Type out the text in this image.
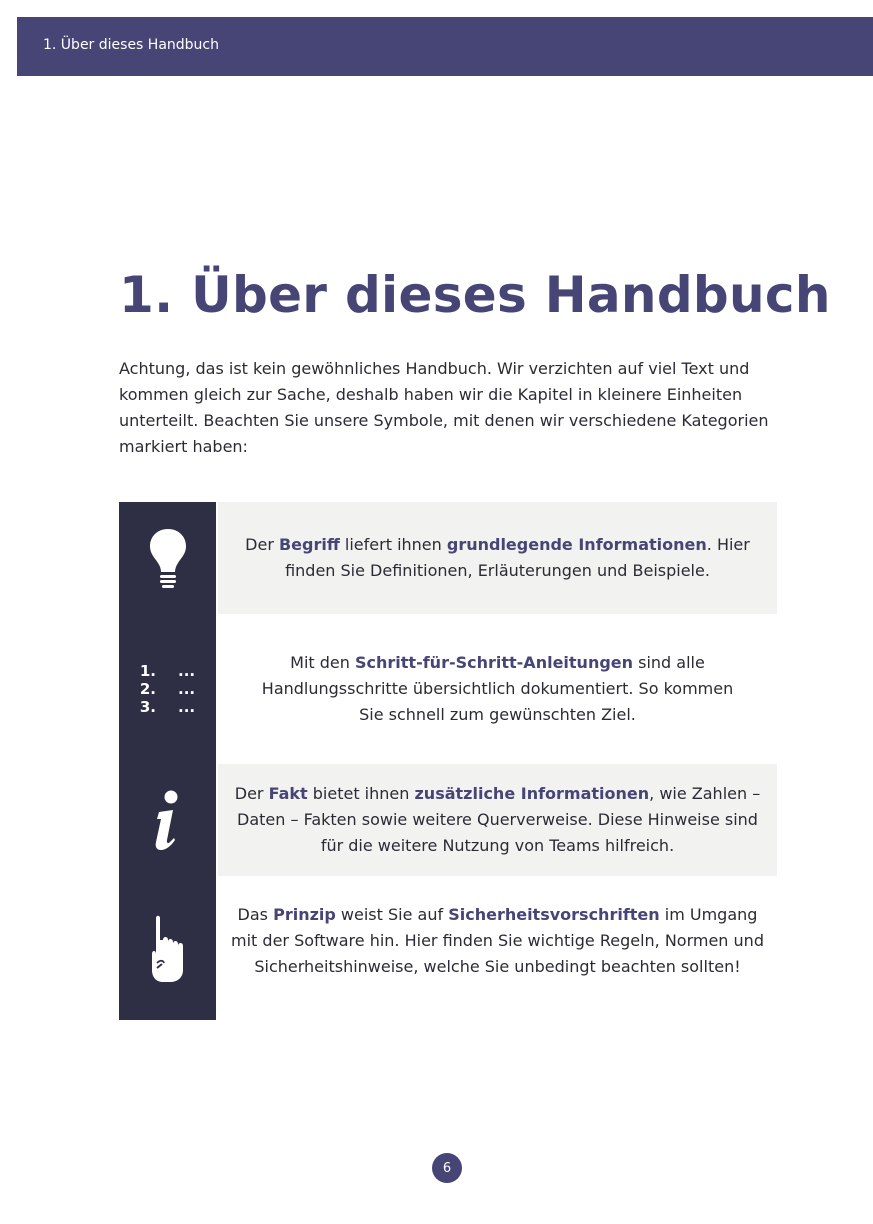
1. Über dieses Handbuch
1. Über dieses Handbuch

Achtung, das ist kein gewöhnliches Handbuch. Wir verzichten auf viel Text und kommen gleich zur Sache, deshalb haben wir die Kapitel in kleinere Einheiten unterteilt. Beachten Sie unsere Symbole, mit denen wir verschiedene Kategorien markiert haben:

1. ...
2. ...
3. ...

Der Begriff liefert ihnen grundlegende Informationen. Hier finden Sie Definitionen, Erläuterungen und Beispiele.

Mit den Schritt-für-Schritt-Anleitungen sind alle Handlungsschritte übersichtlich dokumentiert. So kommen Sie schnell zum gewünschten Ziel.

Der Fakt bietet ihnen zusätzliche Informationen, wie Zahlen – Daten – Fakten sowie weitere Querverweise. Diese Hinweise sind für die weitere Nutzung von Teams hilfreich.

Das Prinzip weist Sie auf Sicherheitsvorschriften im Umgang mit der Software hin. Hier finden Sie wichtige Regeln, Normen und Sicherheitshinweise, welche Sie unbedingt beachten sollten!

6
